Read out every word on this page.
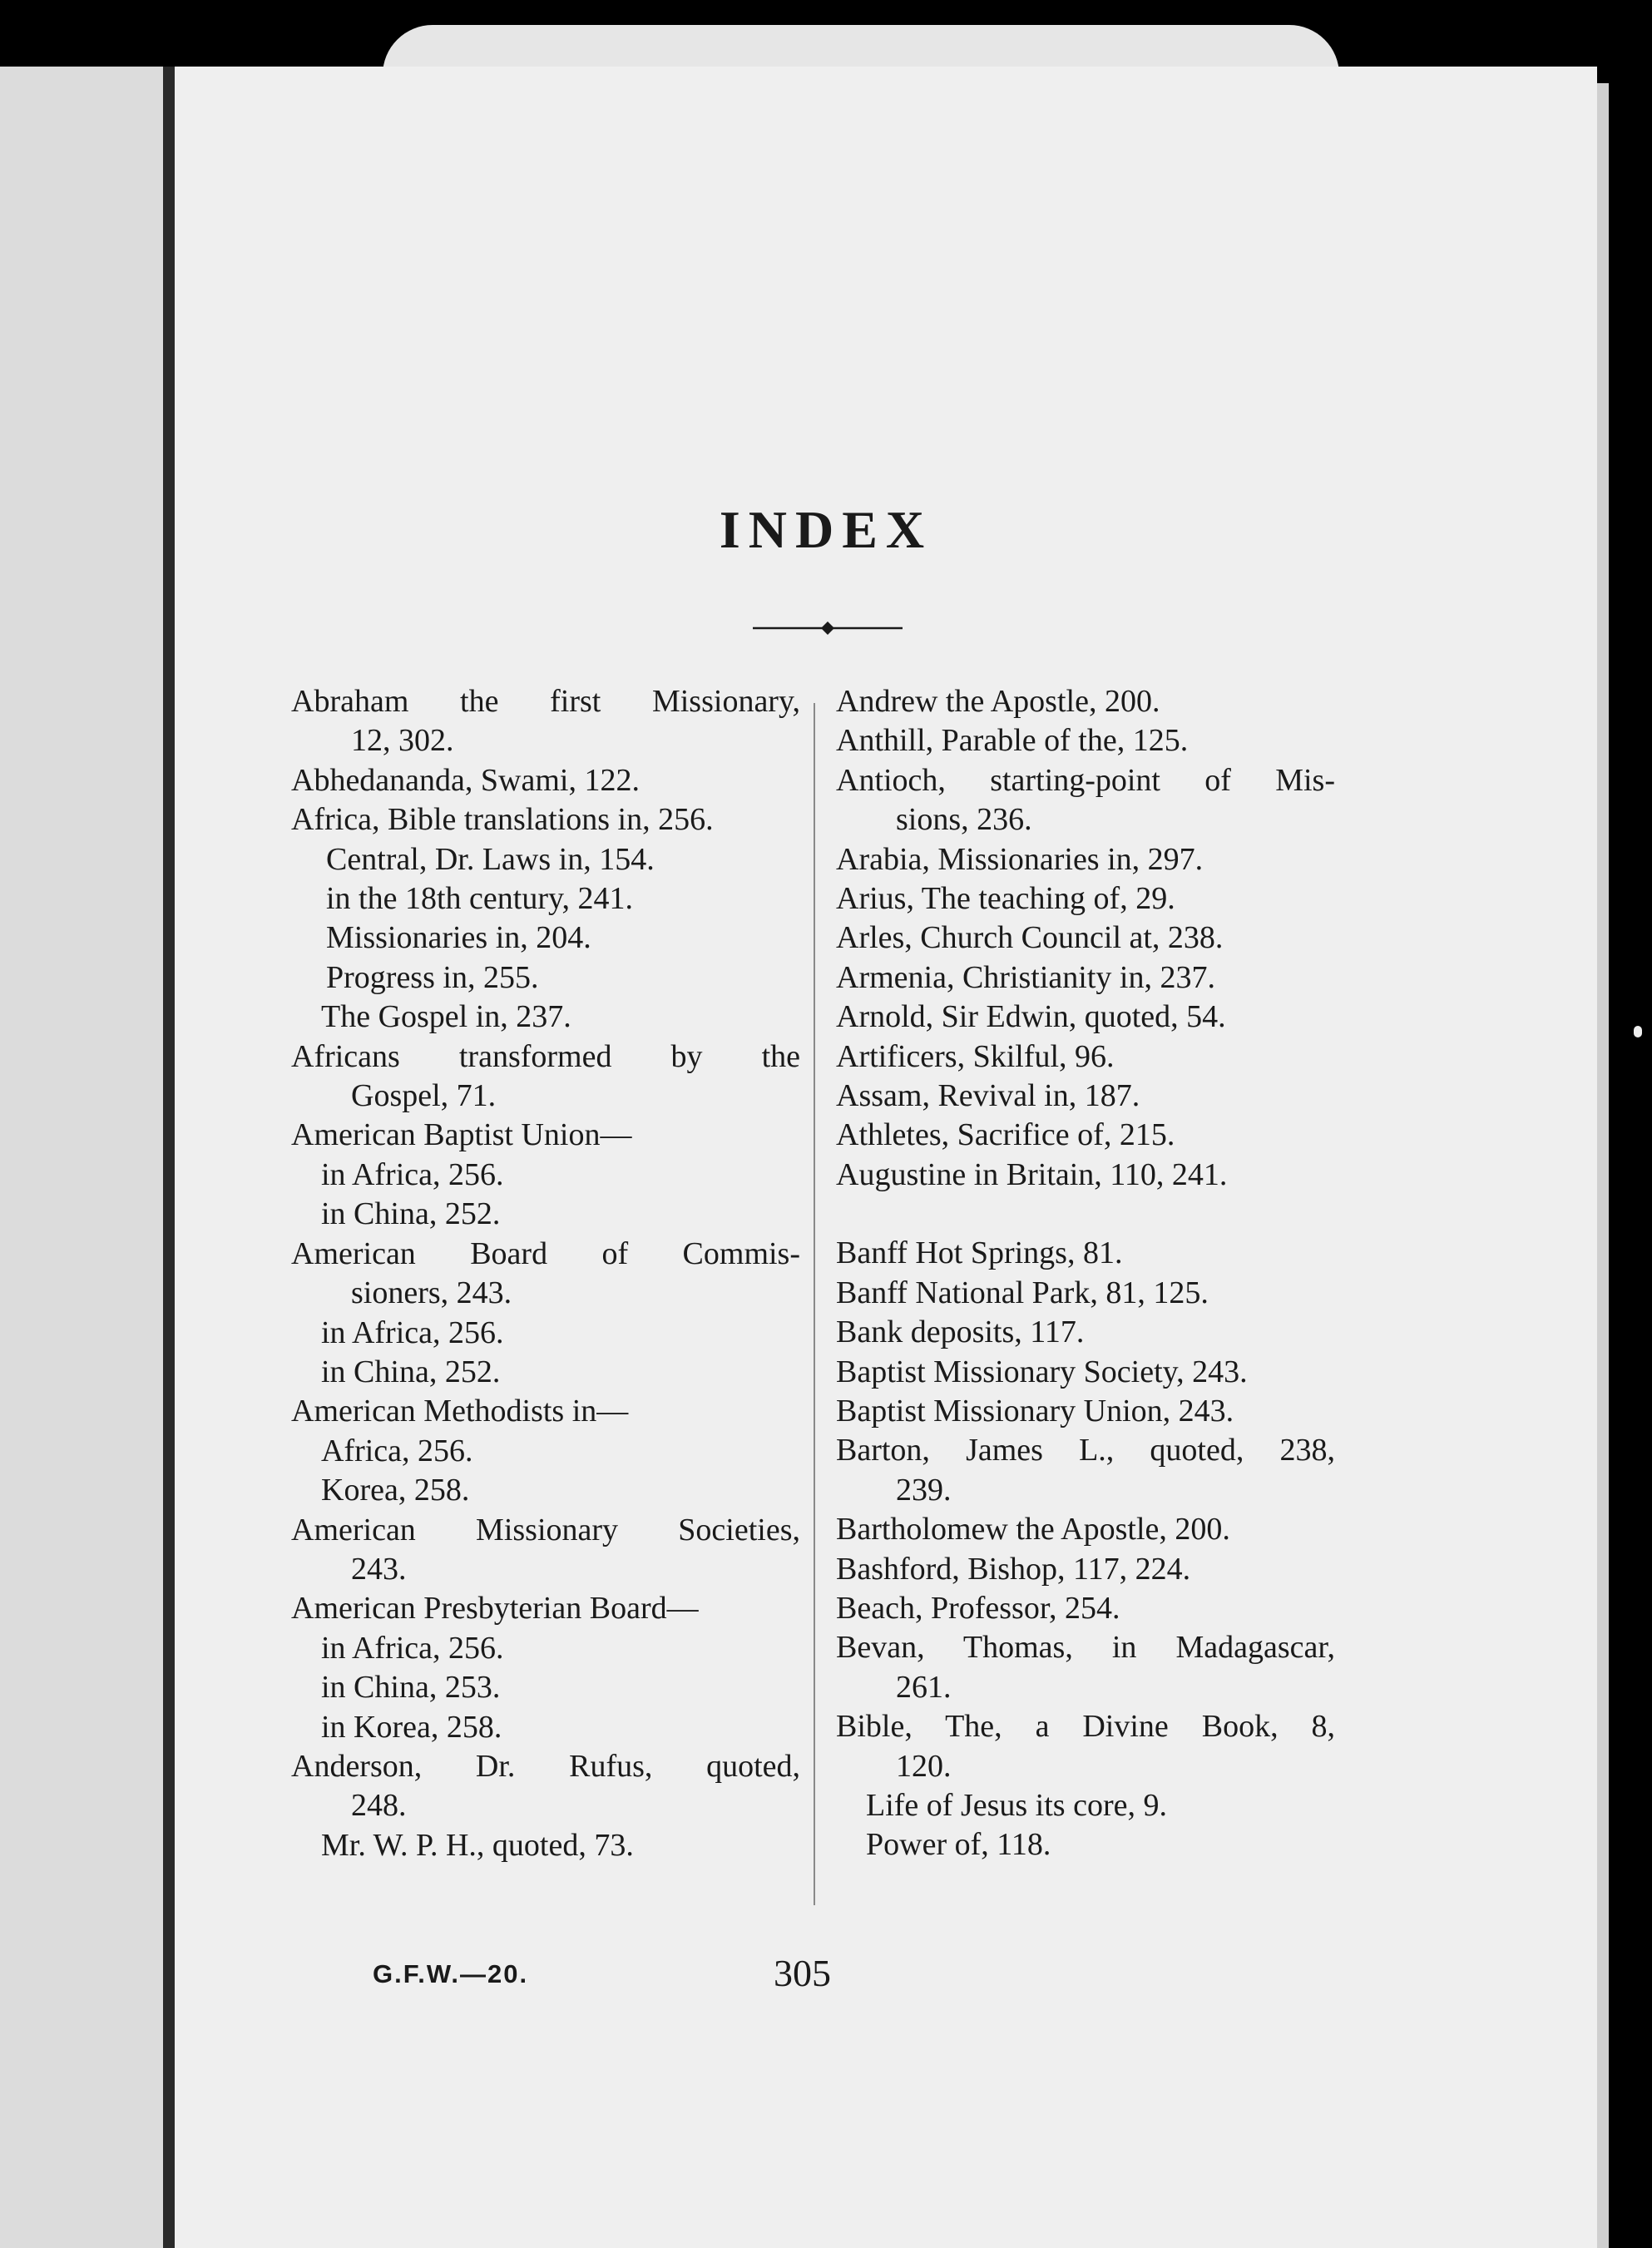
INDEX
Abraham the first Missionary,
12, 302.
Abhedananda, Swami, 122.
Africa, Bible translations in, 256.
Central, Dr. Laws in, 154.
in the 18th century, 241.
Missionaries in, 204.
Progress in, 255.
The Gospel in, 237.
Africans transformed by the
Gospel, 71.
American Baptist Union—
in Africa, 256.
in China, 252.
American Board of Commis-
sioners, 243.
in Africa, 256.
in China, 252.
American Methodists in—
Africa, 256.
Korea, 258.
American Missionary Societies,
243.
American Presbyterian Board—
in Africa, 256.
in China, 253.
in Korea, 258.
Anderson, Dr. Rufus, quoted,
248.
Mr. W. P. H., quoted, 73.
Andrew the Apostle, 200.
Anthill, Parable of the, 125.
Antioch, starting-point of Mis-
sions, 236.
Arabia, Missionaries in, 297.
Arius, The teaching of, 29.
Arles, Church Council at, 238.
Armenia, Christianity in, 237.
Arnold, Sir Edwin, quoted, 54.
Artificers, Skilful, 96.
Assam, Revival in, 187.
Athletes, Sacrifice of, 215.
Augustine in Britain, 110, 241.
Banff Hot Springs, 81.
Banff National Park, 81, 125.
Bank deposits, 117.
Baptist Missionary Society, 243.
Baptist Missionary Union, 243.
Barton, James L., quoted, 238,
239.
Bartholomew the Apostle, 200.
Bashford, Bishop, 117, 224.
Beach, Professor, 254.
Bevan, Thomas, in Madagascar,
261.
Bible, The, a Divine Book, 8,
120.
Life of Jesus its core, 9.
Power of, 118.
G.F.W.—20.	305
